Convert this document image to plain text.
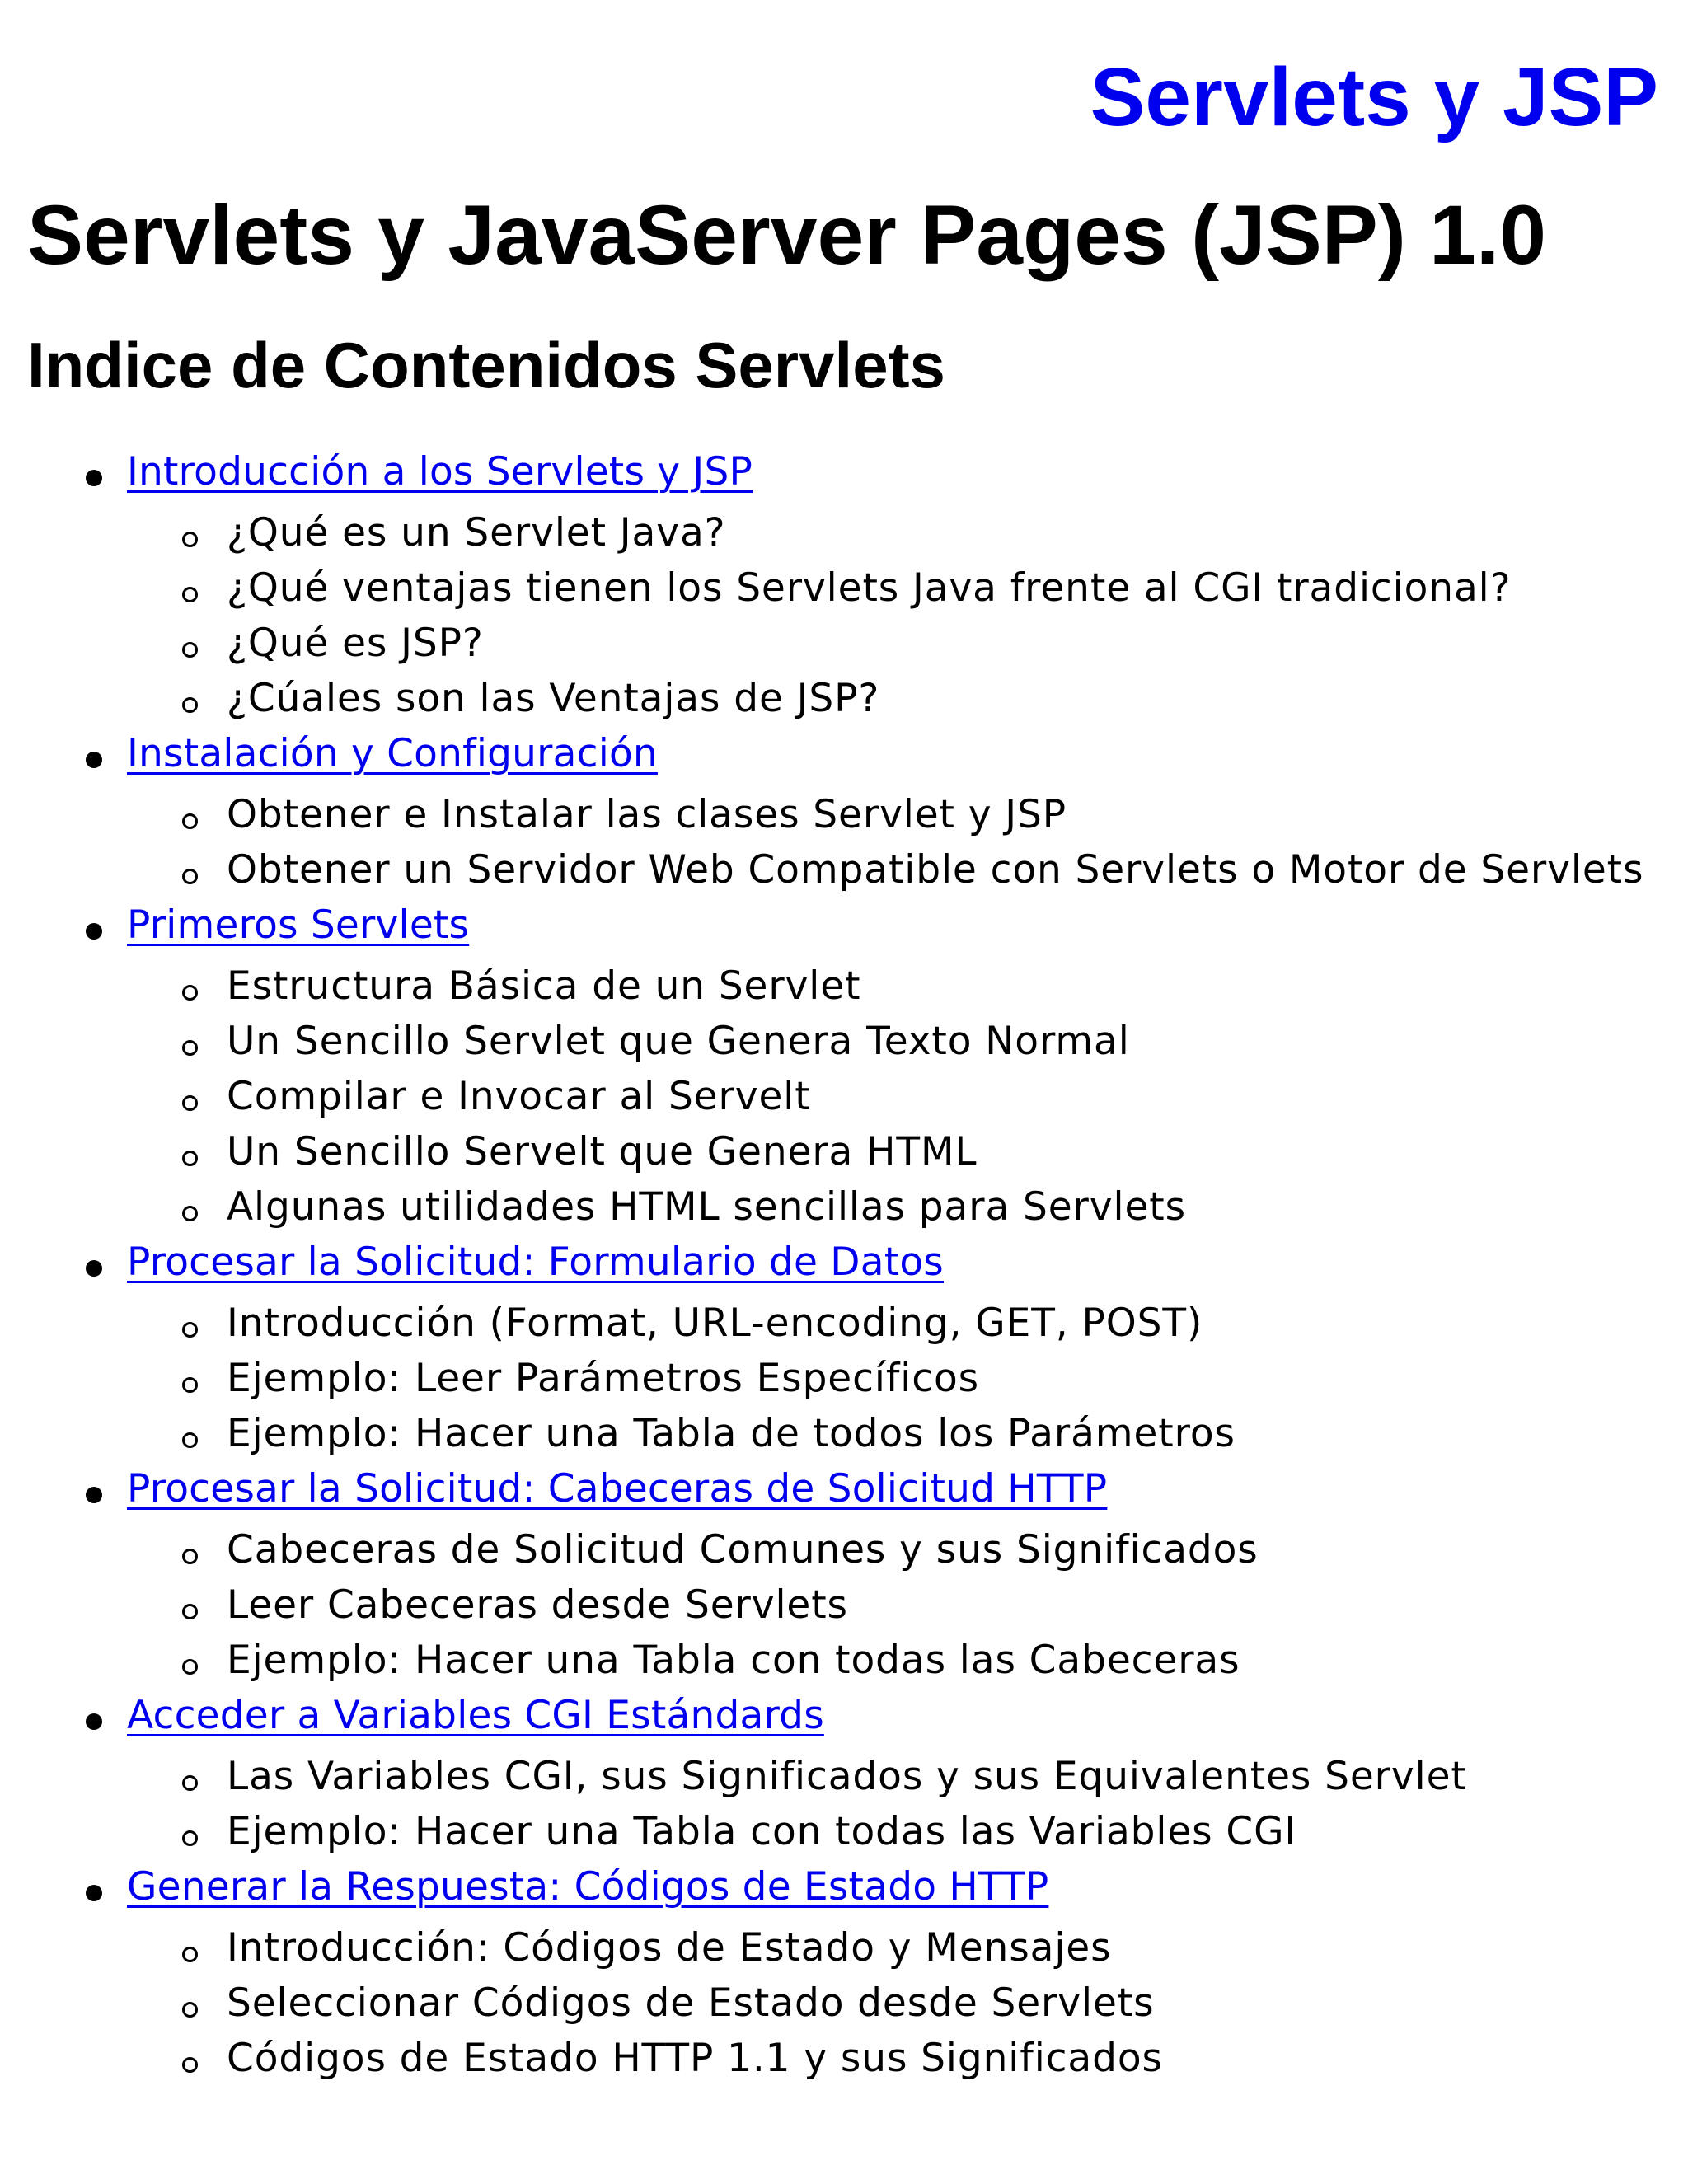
Servlets y JSP
Servlets y JavaServer Pages (JSP) 1.0
Indice de Contenidos Servlets
Introducción a los Servlets y JSP
¿Qué es un Servlet Java?
¿Qué ventajas tienen los Servlets Java frente al CGI tradicional?
¿Qué es JSP?
¿Cúales son las Ventajas de JSP?
Instalación y Configuración
Obtener e Instalar las clases Servlet y JSP
Obtener un Servidor Web Compatible con Servlets o Motor de Servlets
Primeros Servlets
Estructura Básica de un Servlet
Un Sencillo Servlet que Genera Texto Normal
Compilar e Invocar al Servelt
Un Sencillo Servelt que Genera HTML
Algunas utilidades HTML sencillas para Servlets
Procesar la Solicitud: Formulario de Datos
Introducción (Format, URL-encoding, GET, POST)
Ejemplo: Leer Parámetros Específicos
Ejemplo: Hacer una Tabla de todos los Parámetros
Procesar la Solicitud: Cabeceras de Solicitud HTTP
Cabeceras de Solicitud Comunes y sus Significados
Leer Cabeceras desde Servlets
Ejemplo: Hacer una Tabla con todas las Cabeceras
Acceder a Variables CGI Estándards
Las Variables CGI, sus Significados y sus Equivalentes Servlet
Ejemplo: Hacer una Tabla con todas las Variables CGI
Generar la Respuesta: Códigos de Estado HTTP
Introducción: Códigos de Estado y Mensajes
Seleccionar Códigos de Estado desde Servlets
Códigos de Estado HTTP 1.1 y sus Significados
